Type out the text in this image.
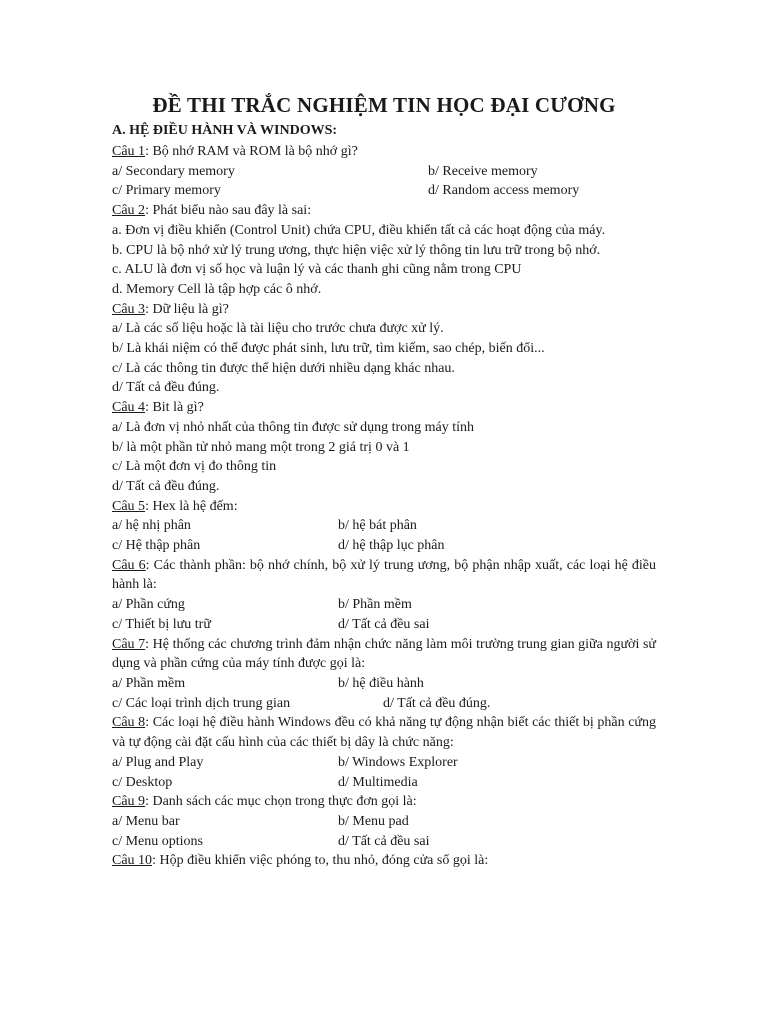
ĐỀ THI TRẮC NGHIỆM TIN HỌC ĐẠI CƯƠNG
A. HỆ ĐIỀU HÀNH VÀ WINDOWS:
Câu 1: Bộ nhớ RAM và ROM là bộ nhớ gì?
a/ Secondary memory	b/ Receive memory
c/ Primary memory	d/ Random access memory
Câu 2: Phát biểu nào sau đây là sai:
a. Đơn vị điều khiển (Control Unit) chứa CPU, điều khiển tất cả các hoạt động của máy.
b. CPU là bộ nhớ xử lý trung ương, thực hiện việc xử lý thông tin lưu trữ trong bộ nhớ.
c. ALU là đơn vị số học và luận lý và các thanh ghi cũng nằm trong CPU
d. Memory Cell là tập hợp các ô nhớ.
Câu 3: Dữ liệu là gì?
a/ Là các số liệu hoặc là tài liệu cho trước chưa được xử lý.
b/ Là khái niệm có thể được phát sinh, lưu trữ, tìm kiếm, sao chép, biến đổi...
c/ Là các thông tin được thể hiện dưới nhiều dạng khác nhau.
d/ Tất cả đều đúng.
Câu 4: Bit là gì?
a/ Là đơn vị nhỏ nhất của thông tin được sử dụng trong máy tính
b/ là một phần tử nhỏ mang một trong 2 giá trị 0 và 1
c/ Là một đơn vị đo thông tin
d/ Tất cả đều đúng.
Câu 5: Hex là hệ đếm:
a/ hệ nhị phân	b/ hệ bát phân
c/ Hệ thập phân	d/ hệ thập lục phân
Câu 6: Các thành phần: bộ nhớ chính, bộ xử lý trung ương, bộ phận nhập xuất, các loại hệ điều hành là:
a/ Phần cứng	b/ Phần mềm
c/ Thiết bị lưu trữ	d/ Tất cả đều sai
Câu 7: Hệ thống các chương trình đảm nhận chức năng làm môi trường trung gian giữa người sử dụng và phần cứng của máy tính được gọi là:
a/ Phần mềm	b/ hệ điều hành
c/ Các loại trình dịch trung gian	d/ Tất cả đều đúng.
Câu 8: Các loại hệ điều hành Windows đều có khả năng tự động nhận biết các thiết bị phần cứng và tự động cài đặt cấu hình của các thiết bị dây là chức năng:
a/ Plug and Play	b/ Windows Explorer
c/ Desktop	d/ Multimedia
Câu 9: Danh sách các mục chọn trong thực đơn gọi là:
a/ Menu bar	b/ Menu pad
c/ Menu options	d/ Tất cả đều sai
Câu 10: Hộp điều khiển việc phóng to, thu nhỏ, đóng cửa sổ gọi là:
